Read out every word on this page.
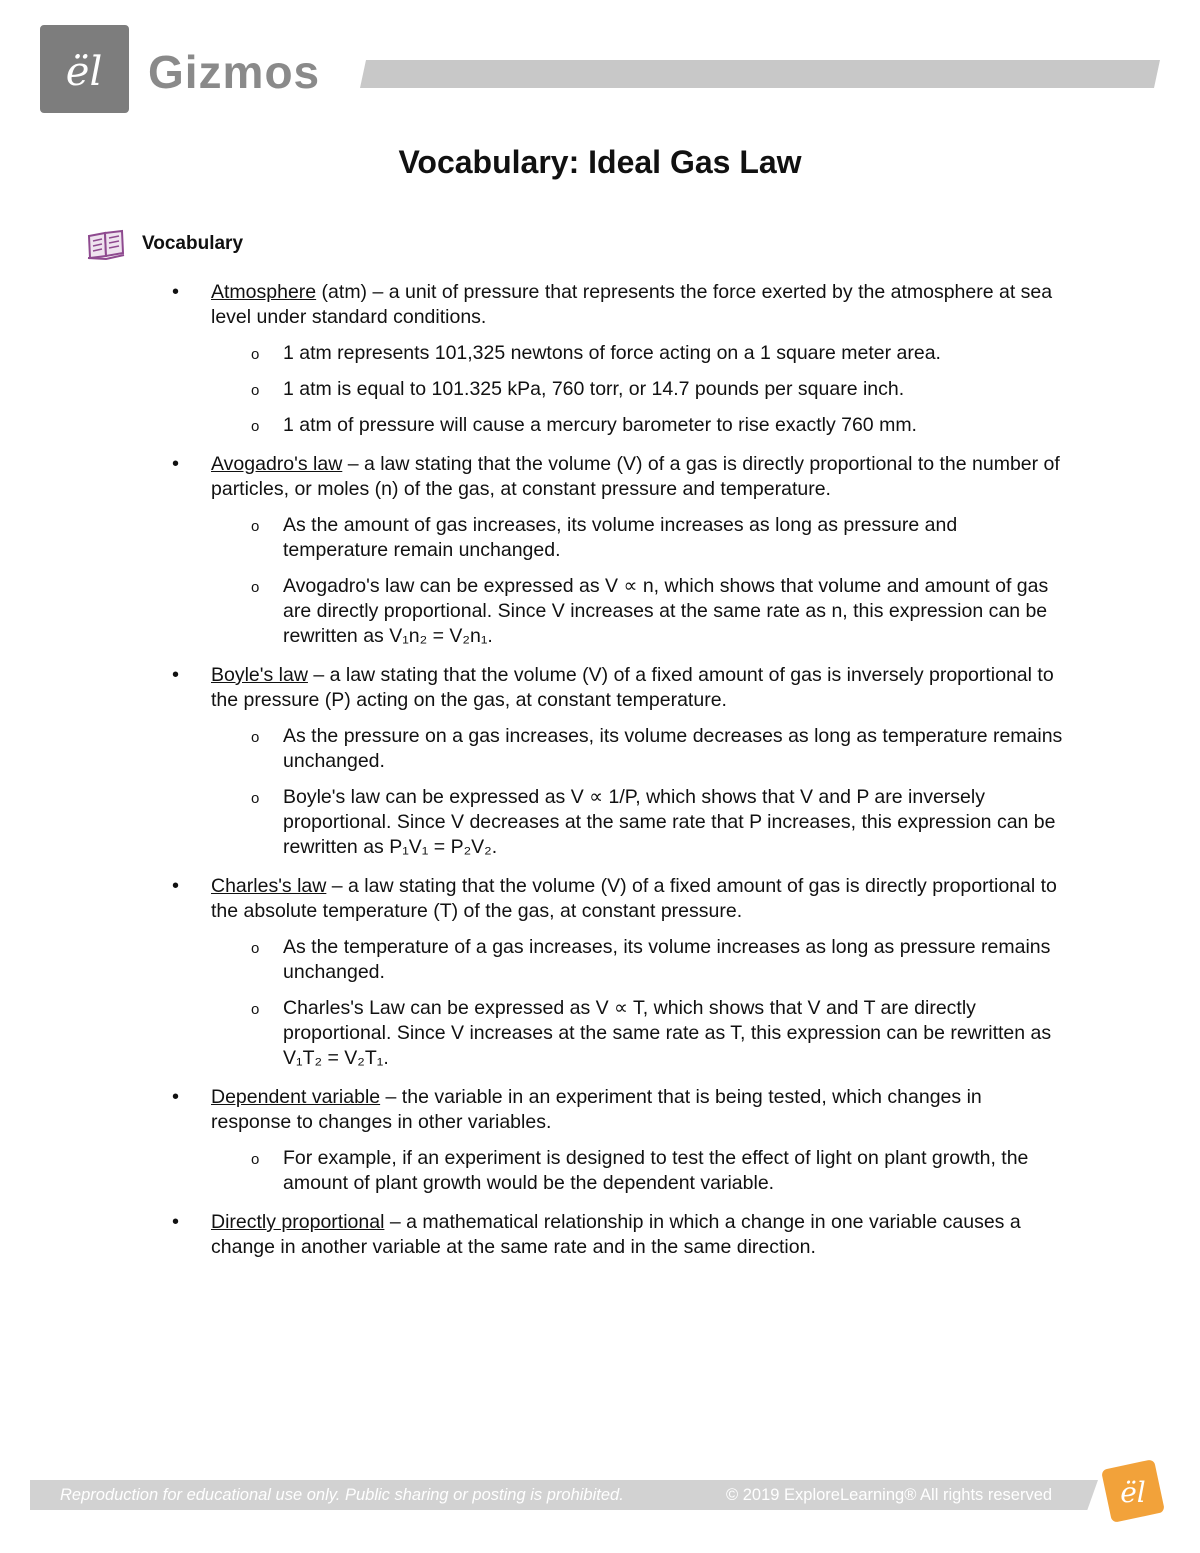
ël Gizmos
Vocabulary: Ideal Gas Law
Vocabulary
•	Atmosphere (atm) – a unit of pressure that represents the force exerted by the atmosphere at sea level under standard conditions.
o 1 atm represents 101,325 newtons of force acting on a 1 square meter area.
o 1 atm is equal to 101.325 kPa, 760 torr, or 14.7 pounds per square inch.
o 1 atm of pressure will cause a mercury barometer to rise exactly 760 mm.
•	Avogadro's law – a law stating that the volume (V) of a gas is directly proportional to the number of particles, or moles (n) of the gas, at constant pressure and temperature.
o As the amount of gas increases, its volume increases as long as pressure and temperature remain unchanged.
o Avogadro's law can be expressed as V ∝ n, which shows that volume and amount of gas are directly proportional. Since V increases at the same rate as n, this expression can be rewritten as V₁n₂ = V₂n₁.
•	Boyle's law – a law stating that the volume (V) of a fixed amount of gas is inversely proportional to the pressure (P) acting on the gas, at constant temperature.
o As the pressure on a gas increases, its volume decreases as long as temperature remains unchanged.
o Boyle's law can be expressed as V ∝ 1/P, which shows that V and P are inversely proportional. Since V decreases at the same rate that P increases, this expression can be rewritten as P₁V₁ = P₂V₂.
•	Charles's law – a law stating that the volume (V) of a fixed amount of gas is directly proportional to the absolute temperature (T) of the gas, at constant pressure.
o As the temperature of a gas increases, its volume increases as long as pressure remains unchanged.
o Charles's Law can be expressed as V ∝ T, which shows that V and T are directly proportional. Since V increases at the same rate as T, this expression can be rewritten as V₁T₂ = V₂T₁.
•	Dependent variable – the variable in an experiment that is being tested, which changes in response to changes in other variables.
o For example, if an experiment is designed to test the effect of light on plant growth, the amount of plant growth would be the dependent variable.
•	Directly proportional – a mathematical relationship in which a change in one variable causes a change in another variable at the same rate and in the same direction.
Reproduction for educational use only. Public sharing or posting is prohibited.	© 2019 ExploreLearning® All rights reserved ël
